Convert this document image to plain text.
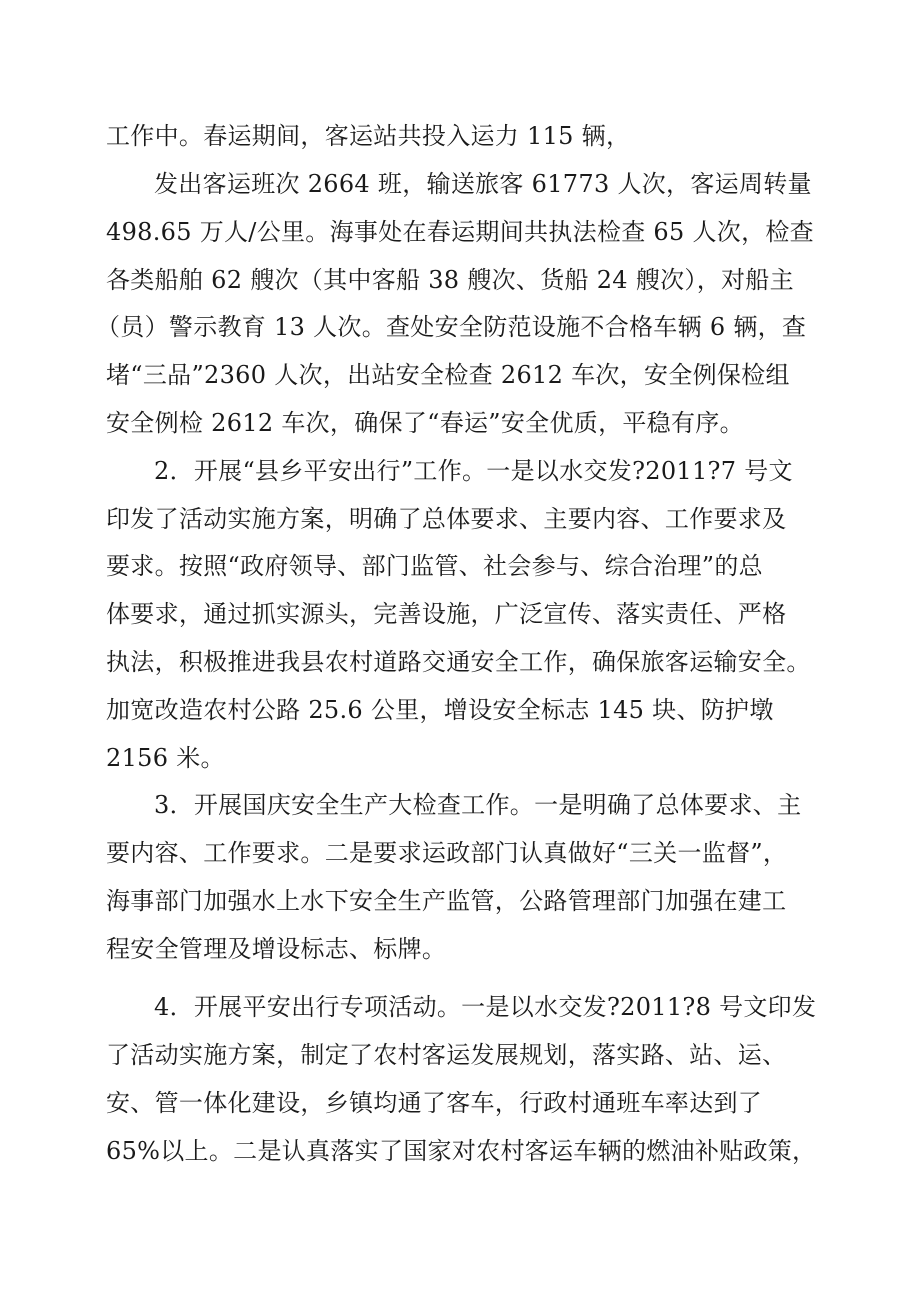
工作中。春运期间，客运站共投入运力 115 辆，
发出客运班次 2664 班，输送旅客 61773 人次，客运周转量
498.65 万人/公里。海事处在春运期间共执法检查 65 人次，检查
各类船舶 62 艘次（其中客船 38 艘次、货船 24 艘次），对船主
（员）警示教育 13 人次。查处安全防范设施不合格车辆 6 辆，查
堵“三品”2360 人次，出站安全检查 2612 车次，安全例保检组
安全例检 2612 车次，确保了“春运”安全优质，平稳有序。
2．开展“县乡平安出行”工作。一是以水交发?2011?7 号文
印发了活动实施方案，明确了总体要求、主要内容、工作要求及
要求。按照“政府领导、部门监管、社会参与、综合治理”的总
体要求，通过抓实源头，完善设施，广泛宣传、落实责任、严格
执法，积极推进我县农村道路交通安全工作，确保旅客运输安全。
加宽改造农村公路 25.6 公里，增设安全标志 145 块、防护墩
2156 米。
3．开展国庆安全生产大检查工作。一是明确了总体要求、主
要内容、工作要求。二是要求运政部门认真做好“三关一监督”，
海事部门加强水上水下安全生产监管，公路管理部门加强在建工
程安全管理及增设标志、标牌。
4．开展平安出行专项活动。一是以水交发?2011?8 号文印发
了活动实施方案，制定了农村客运发展规划，落实路、站、运、
安、管一体化建设，乡镇均通了客车，行政村通班车率达到了
65%以上。二是认真落实了国家对农村客运车辆的燃油补贴政策，
